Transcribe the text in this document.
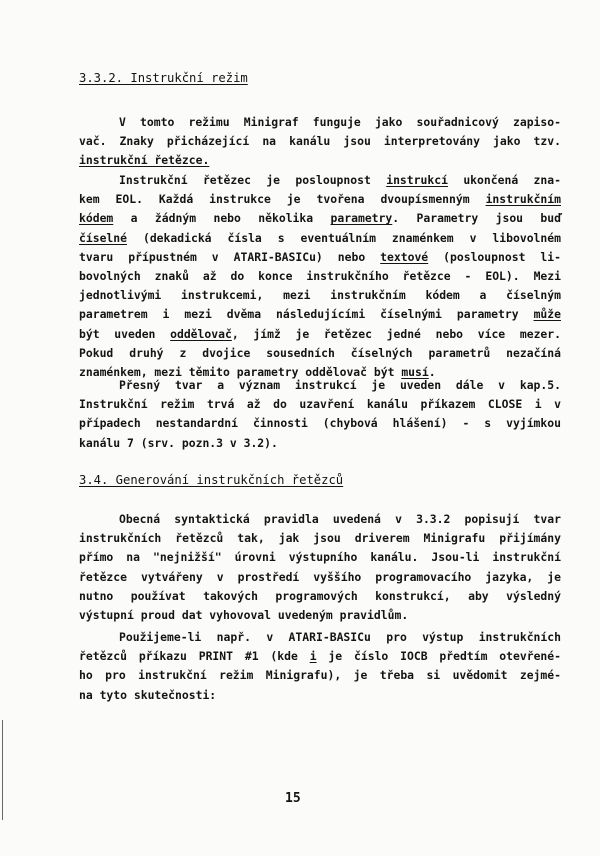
3.3.2. Instrukční režim
V tomto režimu Minigraf funguje jako souřadnicový zapiso-
vač. Znaky přicházející na kanálu jsou interpretovány jako tzv.
instrukční řetězce.
Instrukční řetězec je posloupnost instrukcí ukončená zna-
kem EOL. Každá instrukce je tvořena dvoupísmenným instrukčním
kódem a žádným nebo několika parametry. Parametry jsou buď
číselné (dekadická čísla s eventuálním znaménkem v libovolném
tvaru přípustném v ATARI-BASICu) nebo textové (posloupnost li-
bovolných znaků až do konce instrukčního řetězce - EOL). Mezi
jednotlivými instrukcemi, mezi instrukčním kódem a číselným
parametrem i mezi dvěma následujícími číselnými parametry může
být uveden oddělovač, jímž je řetězec jedné nebo více mezer.
Pokud druhý z dvojice sousedních číselných parametrů nezačíná
znaménkem, mezi těmito parametry oddělovač být musí.
Přesný tvar a význam instrukcí je uveden dále v kap.5.
Instrukční režim trvá až do uzavření kanálu příkazem CLOSE i v
případech nestandardní činnosti (chybová hlášení) - s vyjímkou
kanálu 7 (srv. pozn.3 v 3.2).
3.4. Generování instrukčních řetězců
Obecná syntaktická pravidla uvedená v 3.3.2 popisují tvar
instrukčních řetězců tak, jak jsou driverem Minigrafu přijímány
přímo na "nejnižší" úrovni výstupního kanálu. Jsou-li instrukční
řetězce vytvářeny v prostředí vyššího programovacího jazyka, je
nutno používat takových programových konstrukcí, aby výsledný
výstupní proud dat vyhovoval uvedeným pravidlům.
Použijeme-li např. v ATARI-BASICu pro výstup instrukčních
řetězců příkazu PRINT #1 (kde i je číslo IOCB předtím otevřené-
ho pro instrukční režim Minigrafu), je třeba si uvědomit zejmé-
na tyto skutečnosti:
15
